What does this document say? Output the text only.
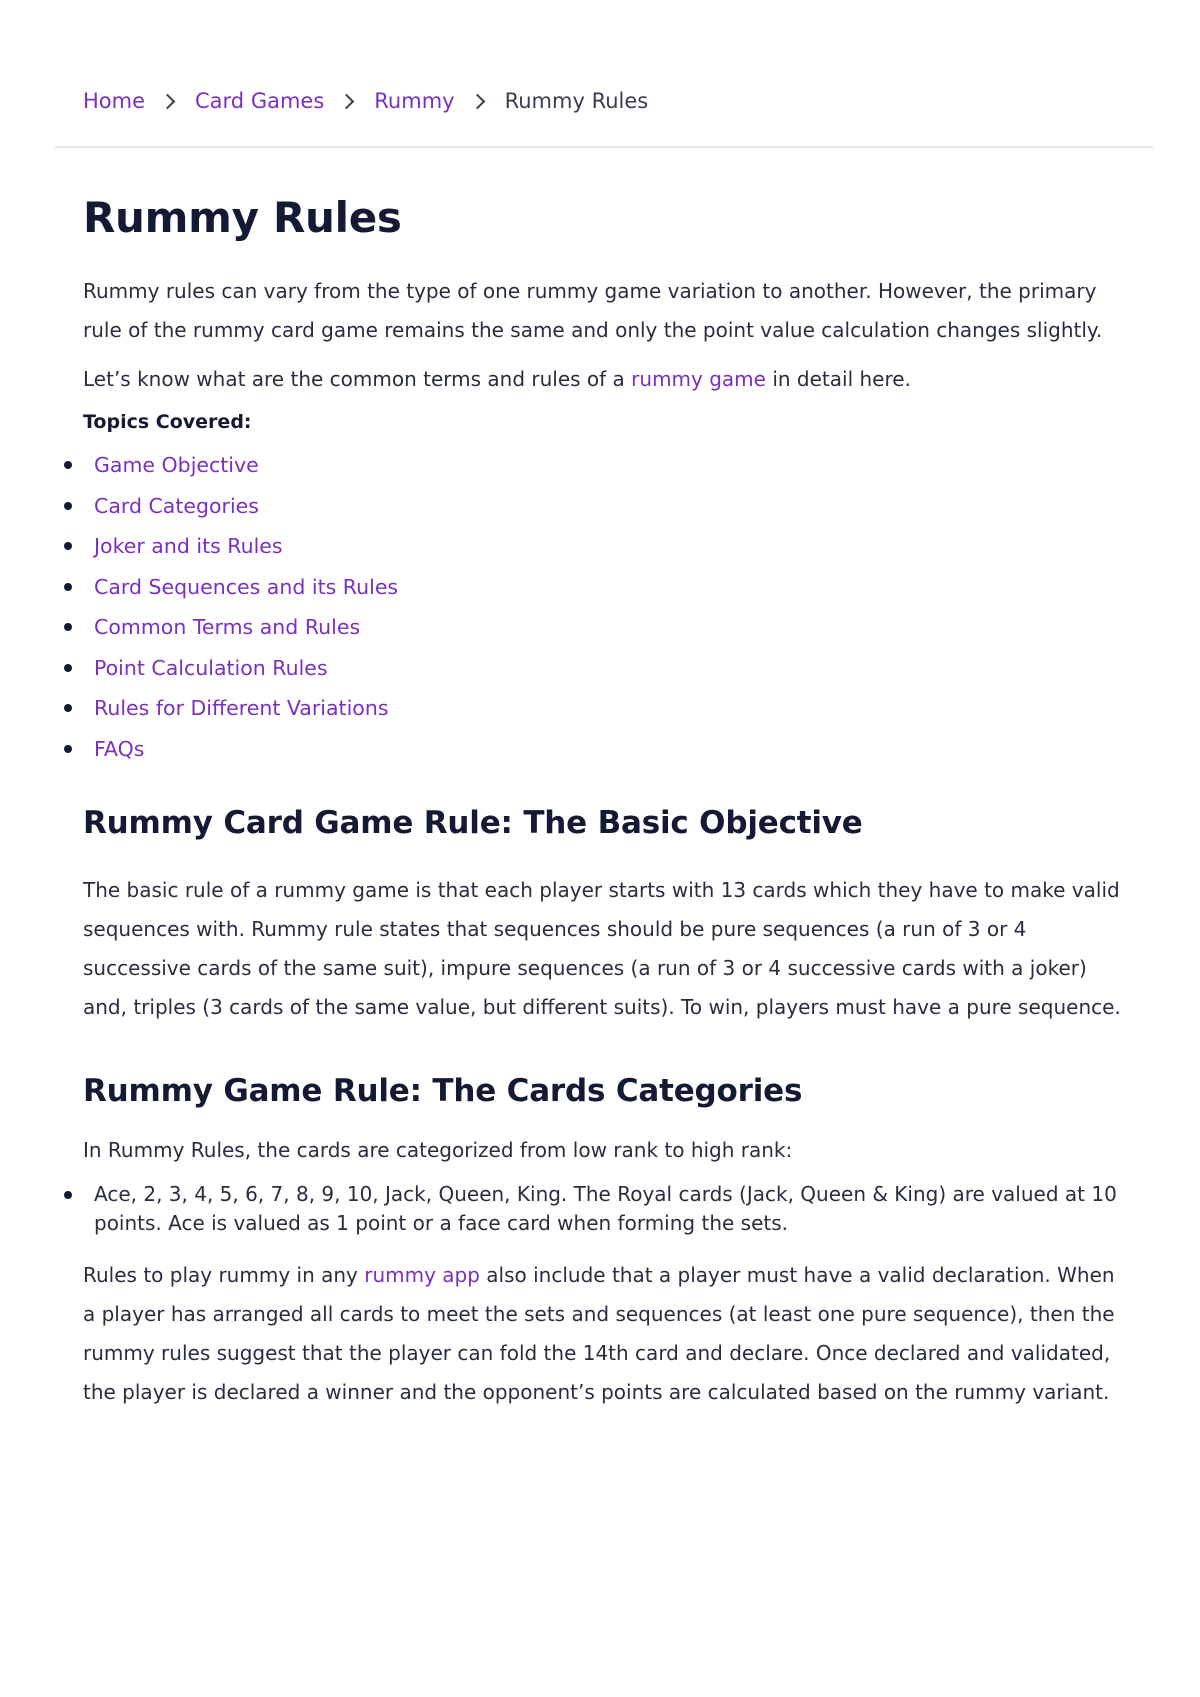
Home Card Games Rummy Rummy Rules
Rummy Rules

Rummy rules can vary from the type of one rummy game variation to another. However, the primary rule of the rummy card game remains the same and only the point value calculation changes slightly.

Let’s know what are the common terms and rules of a rummy game in detail here.

Topics Covered:
Game Objective
Card Categories
Joker and its Rules
Card Sequences and its Rules
Common Terms and Rules
Point Calculation Rules
Rules for Different Variations
FAQs
Rummy Card Game Rule: The Basic Objective

The basic rule of a rummy game is that each player starts with 13 cards which they have to make valid sequences with. Rummy rule states that sequences should be pure sequences (a run of 3 or 4 successive cards of the same suit), impure sequences (a run of 3 or 4 successive cards with a joker) and, triples (3 cards of the same value, but different suits). To win, players must have a pure sequence.

Rummy Game Rule: The Cards Categories

In Rummy Rules, the cards are categorized from low rank to high rank:

Ace, 2, 3, 4, 5, 6, 7, 8, 9, 10, Jack, Queen, King. The Royal cards (Jack, Queen & King) are valued at 10 points. Ace is valued as 1 point or a face card when forming the sets.

Rules to play rummy in any rummy app also include that a player must have a valid declaration. When a player has arranged all cards to meet the sets and sequences (at least one pure sequence), then the rummy rules suggest that the player can fold the 14th card and declare. Once declared and validated, the player is declared a winner and the opponent’s points are calculated based on the rummy variant.
